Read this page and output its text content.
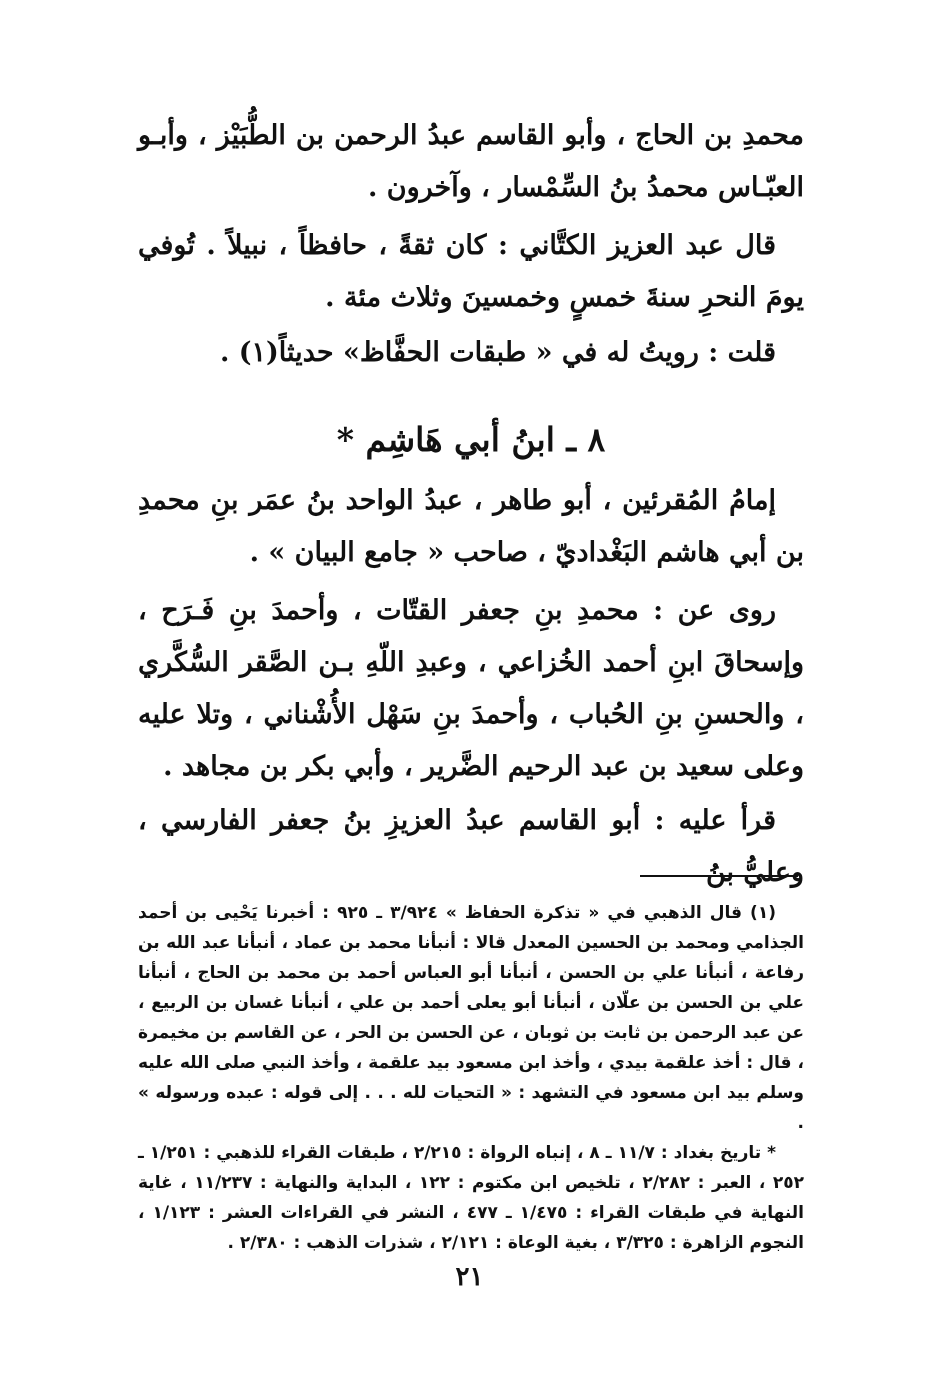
محمدِ بن الحاج ، وأبو القاسم عبدُ الرحمن بن الطُّبَيْز ، وأبـو العبّـاس محمدُ بنُ السِّمْسار ، وآخرون .

قال عبد العزيز الكتَّاني : كان ثقةً ، حافظاً ، نبيلاً . تُوفي يومَ النحرِ سنةَ خمسٍ وخمسينَ وثلاث مئة .

قلت : رويتُ له في « طبقات الحفَّاظ» حديثاً(١) .

٨ ـ ابنُ أبي هَاشِم *

إمامُ المُقرئين ، أبو طاهر ، عبدُ الواحد بنُ عمَر بنِ محمدِ بن أبي هاشم البَغْداديّ ، صاحب « جامع البيان » .

روى عن : محمدِ بنِ جعفر القتّات ، وأحمدَ بنِ فَـرَح ، وإسحاقَ ابنِ أحمد الخُزاعي ، وعبدِ اللّهِ بـن الصَّقر السُّكَّري ، والحسنِ بنِ الحُباب ، وأحمدَ بنِ سَهْل الأُشْناني ، وتلا عليه وعلى سعيد بن عبد الرحيم الضَّرير ، وأبي بكر بن مجاهد .

قرأ عليه : أبو القاسم عبدُ العزيزِ بنُ جعفر الفارسي ، وعليُّ بنُ

(١) قال الذهبي في « تذكرة الحفاظ » ٣/٩٢٤ ـ ٩٢٥ : أخبرنا يَحْيى بن أحمد الجذامي ومحمد بن الحسين المعدل قالا : أنبأنا محمد بن عماد ، أنبأنا عبد الله بن رفاعة ، أنبأنا علي بن الحسن ، أنبأنا أبو العباس أحمد بن محمد بن الحاج ، أنبأنا علي بن الحسن بن علّان ، أنبأنا أبو يعلى أحمد بن علي ، أنبأنا غسان بن الربيع ، عن عبد الرحمن بن ثابت بن ثوبان ، عن الحسن بن الحر ، عن القاسم بن مخيمرة ، قال : أخذ علقمة بيدي ، وأخذ ابن مسعود بيد علقمة ، وأخذ النبي صلى الله عليه وسلم بيد ابن مسعود في التشهد : « التحيات لله . . . إلى قوله : عبده ورسوله » .

* تاريخ بغداد : ١١/٧ ـ ٨ ، إنباه الرواة : ٢/٢١٥ ، طبقات القراء للذهبي : ١/٢٥١ ـ ٢٥٢ ، العبر : ٢/٢٨٢ ، تلخيص ابن مكتوم : ١٢٢ ، البداية والنهاية : ١١/٢٣٧ ، غاية النهاية في طبقات القراء : ١/٤٧٥ ـ ٤٧٧ ، النشر في القراءات العشر : ١/١٢٣ ، النجوم الزاهرة : ٣/٣٢٥ ، بغية الوعاة : ٢/١٢١ ، شذرات الذهب : ٢/٣٨٠ .

٢١
